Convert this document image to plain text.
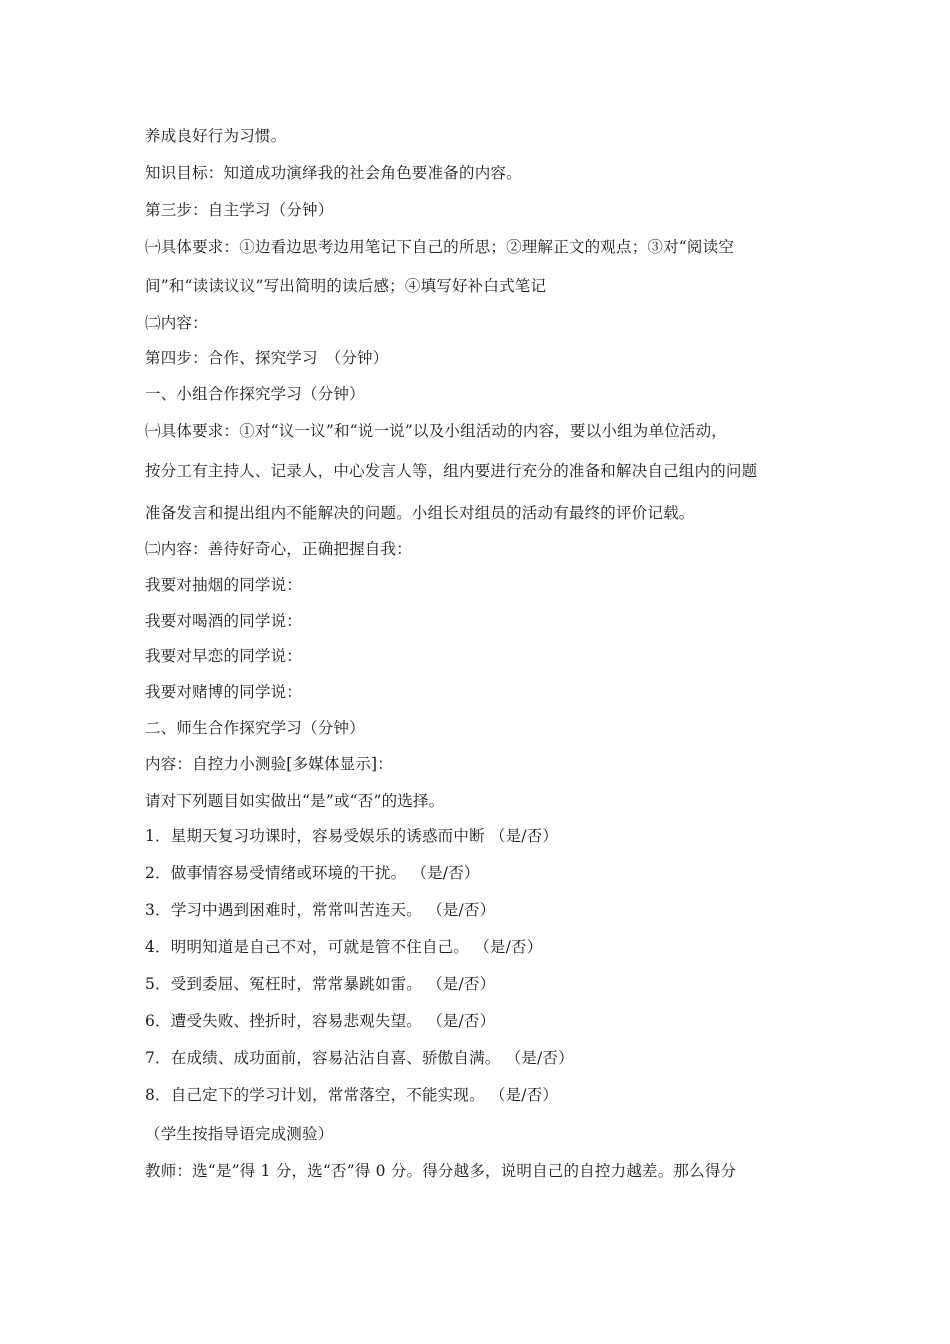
养成良好行为习惯。
知识目标：知道成功演绎我的社会角色要准备的内容。
第三步：自主学习（分钟）
㈠具体要求：①边看边思考边用笔记下自己的所思；②理解正文的观点；③对“阅读空
间”和“读读议议”写出简明的读后感；④填写好补白式笔记
㈡内容：
第四步：合作、探究学习　（分钟）
一、小组合作探究学习（分钟）
㈠具体要求：①对“议一议”和“说一说”以及小组活动的内容，要以小组为单位活动，
按分工有主持人、记录人，中心发言人等，组内要进行充分的准备和解决自己组内的问题
准备发言和提出组内不能解决的问题。小组长对组员的活动有最终的评价记载。
㈡内容：善待好奇心，正确把握自我：
我要对抽烟的同学说：
我要对喝酒的同学说：
我要对早恋的同学说：
我要对赌博的同学说：
二、师生合作探究学习（分钟）
内容：自控力小测验[多媒体显示]：
请对下列题目如实做出“是”或“否”的选择。
1．星期天复习功课时，容易受娱乐的诱惑而中断 （是/否）
2．做事情容易受情绪或环境的干扰。 （是/否）
3．学习中遇到困难时，常常叫苦连天。 （是/否）
4．明明知道是自己不对，可就是管不住自己。 （是/否）
5．受到委屈、冤枉时，常常暴跳如雷。 （是/否）
6．遭受失败、挫折时，容易悲观失望。 （是/否）
7．在成绩、成功面前，容易沾沾自喜、骄傲自满。 （是/否）
8．自己定下的学习计划，常常落空，不能实现。 （是/否）
（学生按指导语完成测验）
教师：选“是”得 1 分，选“否”得 0 分。得分越多，说明自己的自控力越差。那么得分
